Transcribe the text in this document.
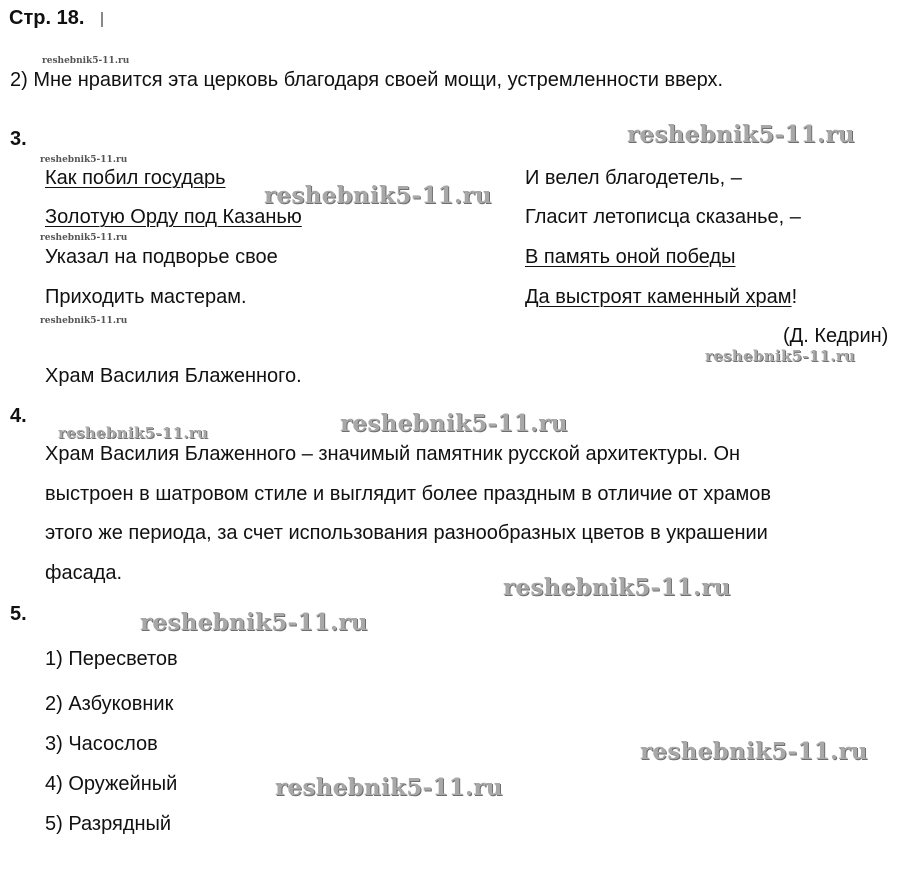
Стр. 18.
2) Мне нравится эта церковь благодаря своей мощи, устремленности вверх.
3.
Как побил государь
Золотую Орду под Казанью
Указал на подворье свое
Приходить мастерам.
И велел благодетель, –
Гласит летописца сказанье, –
В память оной победы
Да выстроят каменный храм!
(Д. Кедрин)
Храм Василия Блаженного.
4.
Храм Василия Блаженного – значимый памятник русской архитектуры. Он
выстроен в шатровом стиле и выглядит более праздным в отличие от храмов
этого же периода, за счет использования разнообразных цветов в украшении
фасада.
5.
1) Пересветов
2) Азбуковник
3) Часослов
4) Оружейный
5) Разрядный
reshebnik5-11.ru
reshebnik5-11.ru
reshebnik5-11.ru
reshebnik5-11.ru
reshebnik5-11.ru
reshebnik5-11.ru
reshebnik5-11.ru
reshebnik5-11.ru
reshebnik5-11.ru
reshebnik5-11.ru
reshebnik5-11.ru
reshebnik5-11.ru
reshebnik5-11.ru
